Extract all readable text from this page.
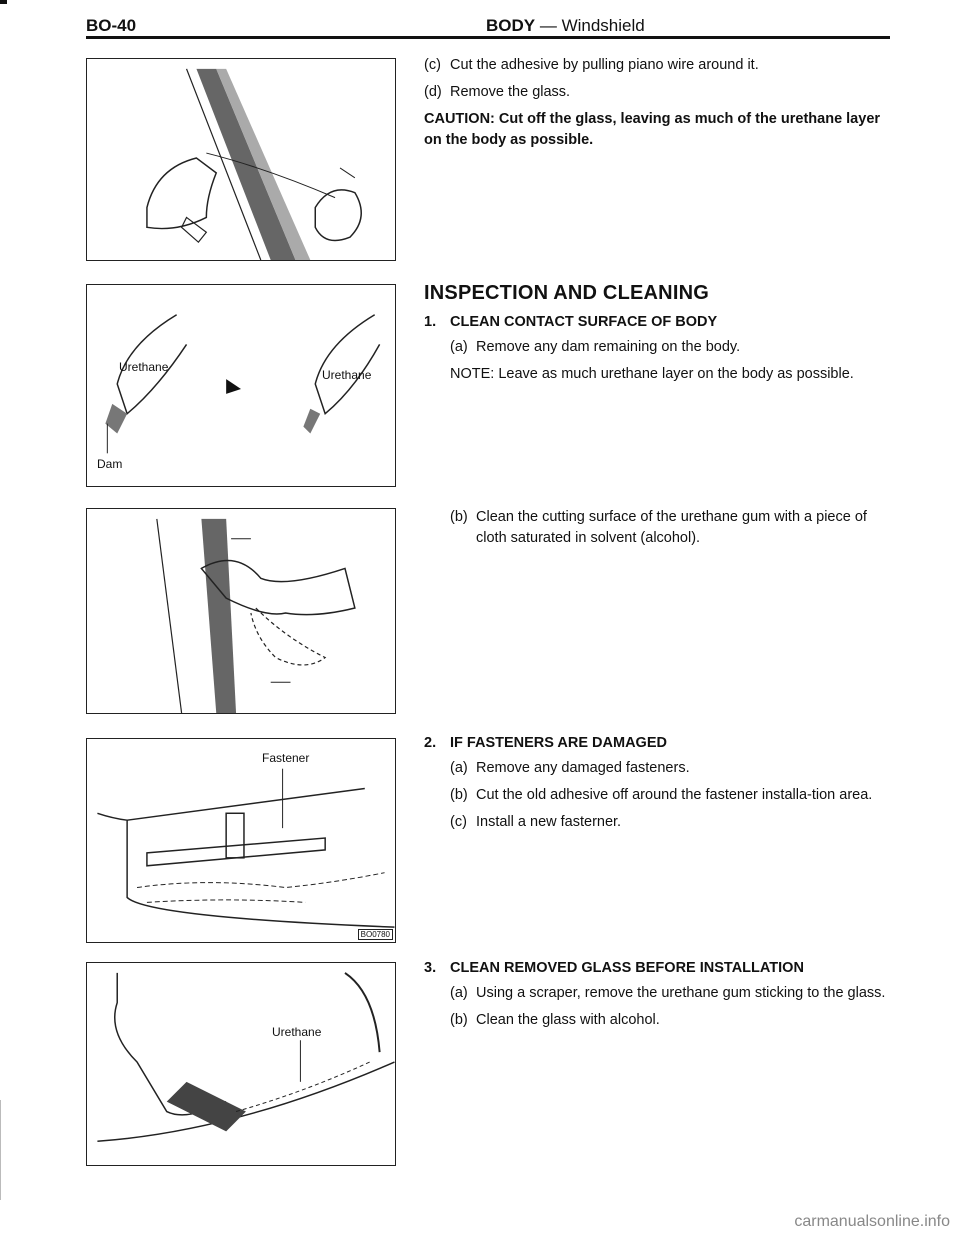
BO-40	BODY — Windshield
Urethane
Urethane
Dam
Fastener
BO0780
Urethane
(c) Cut the adhesive by pulling piano wire around it.
(d) Remove the glass.
CAUTION: Cut off the glass, leaving as much of the urethane layer on the body as possible.
INSPECTION AND CLEANING
1. CLEAN CONTACT SURFACE OF BODY
(a) Remove any dam remaining on the body.
NOTE: Leave as much urethane layer on the body as possible.
(b) Clean the cutting surface of the urethane gum with a piece of cloth saturated in solvent (alcohol).
2. IF FASTENERS ARE DAMAGED
(a) Remove any damaged fasteners.
(b) Cut the old adhesive off around the fastener installa-tion area.
(c) Install a new fasterner.
3. CLEAN REMOVED GLASS BEFORE INSTALLATION
(a) Using a scraper, remove the urethane gum sticking to the glass.
(b) Clean the glass with alcohol.
carmanualsonline.info
